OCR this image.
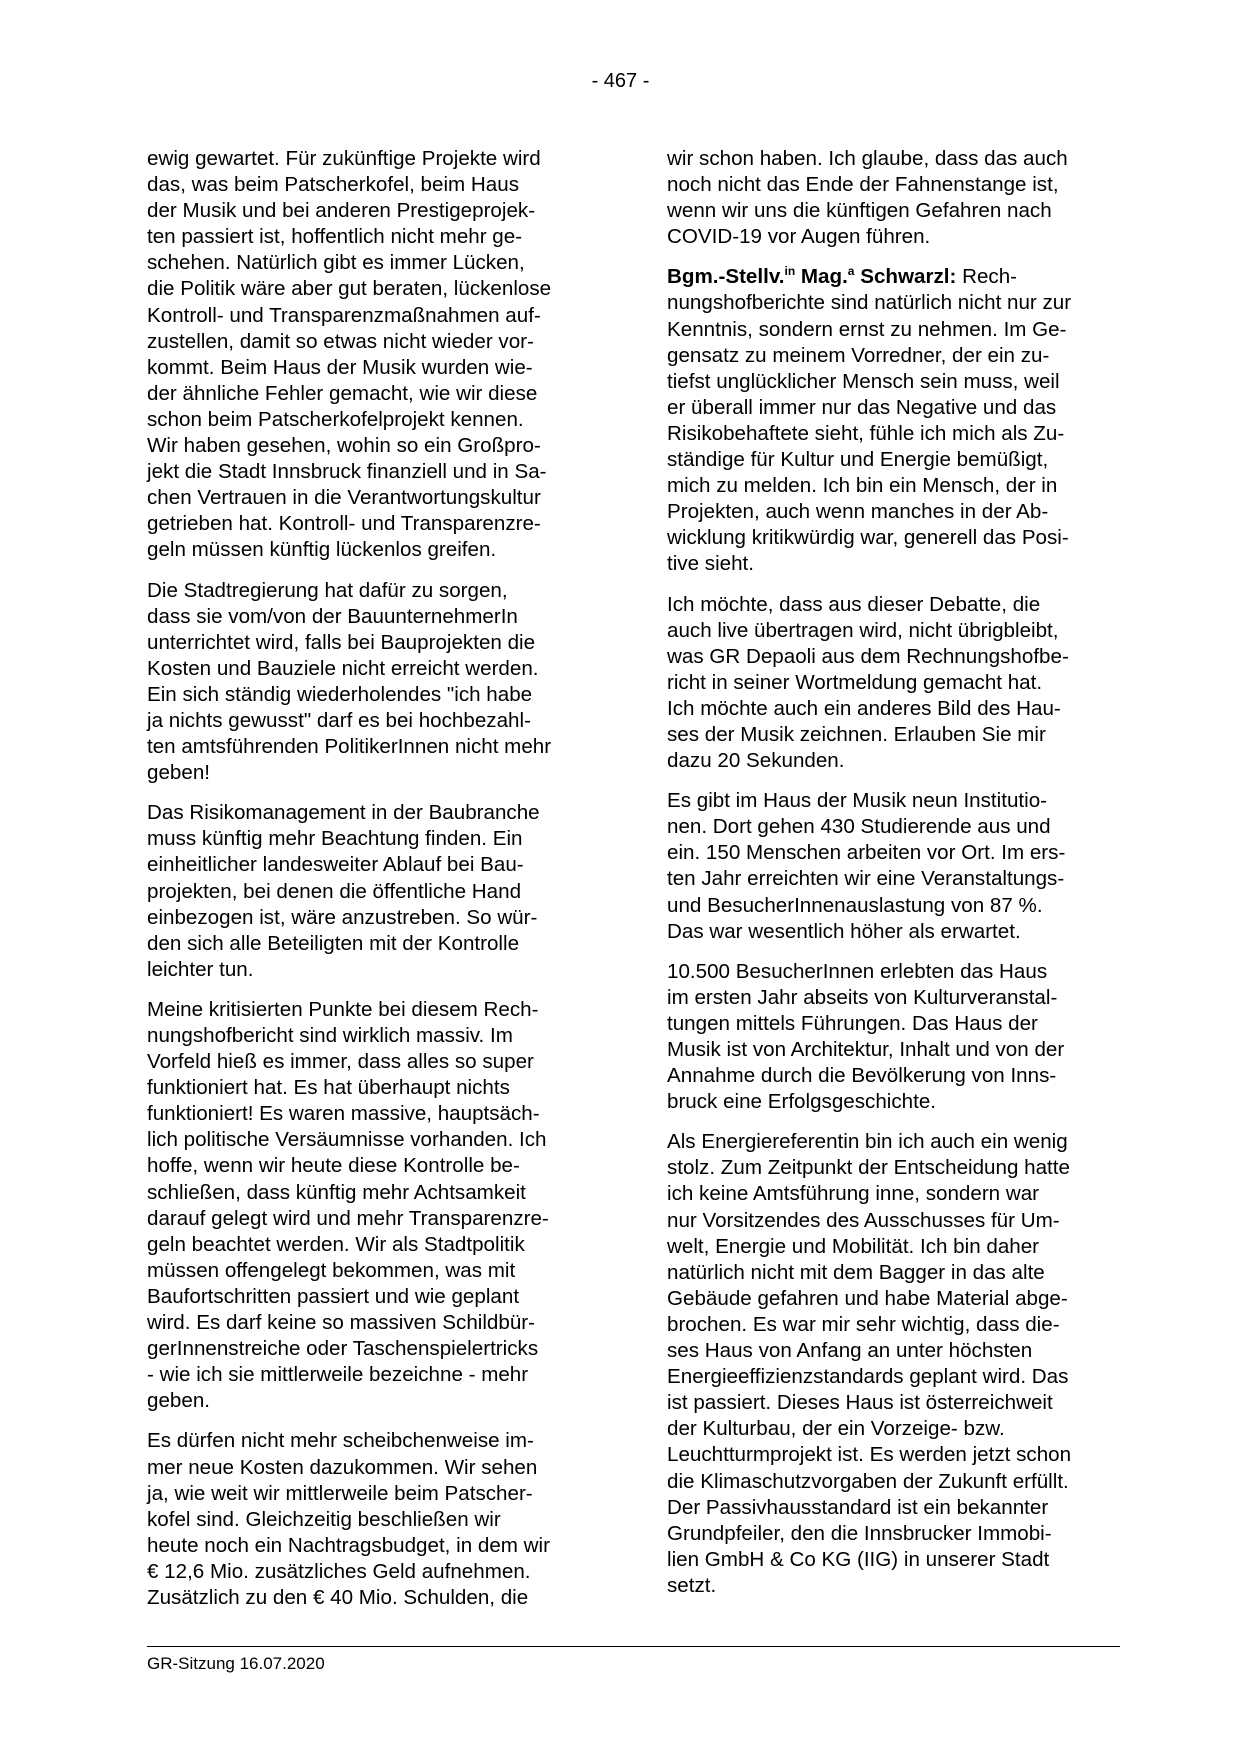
- 467 -

ewig gewartet. Für zukünftige Projekte wird
das, was beim Patscherkofel, beim Haus
der Musik und bei anderen Prestigeprojek-
ten passiert ist, hoffentlich nicht mehr ge-
schehen. Natürlich gibt es immer Lücken,
die Politik wäre aber gut beraten, lückenlose
Kontroll- und Transparenzmaßnahmen auf-
zustellen, damit so etwas nicht wieder vor-
kommt. Beim Haus der Musik wurden wie-
der ähnliche Fehler gemacht, wie wir diese
schon beim Patscherkofelprojekt kennen.
Wir haben gesehen, wohin so ein Großpro-
jekt die Stadt Innsbruck finanziell und in Sa-
chen Vertrauen in die Verantwortungskultur
getrieben hat. Kontroll- und Transparenzre-
geln müssen künftig lückenlos greifen.

Die Stadtregierung hat dafür zu sorgen,
dass sie vom/von der BauunternehmerIn
unterrichtet wird, falls bei Bauprojekten die
Kosten und Bauziele nicht erreicht werden.
Ein sich ständig wiederholendes "ich habe
ja nichts gewusst" darf es bei hochbezahl-
ten amtsführenden PolitikerInnen nicht mehr
geben!

Das Risikomanagement in der Baubranche
muss künftig mehr Beachtung finden. Ein
einheitlicher landesweiter Ablauf bei Bau-
projekten, bei denen die öffentliche Hand
einbezogen ist, wäre anzustreben. So wür-
den sich alle Beteiligten mit der Kontrolle
leichter tun.

Meine kritisierten Punkte bei diesem Rech-
nungshofbericht sind wirklich massiv. Im
Vorfeld hieß es immer, dass alles so super
funktioniert hat. Es hat überhaupt nichts
funktioniert! Es waren massive, hauptsäch-
lich politische Versäumnisse vorhanden. Ich
hoffe, wenn wir heute diese Kontrolle be-
schließen, dass künftig mehr Achtsamkeit
darauf gelegt wird und mehr Transparenzre-
geln beachtet werden. Wir als Stadtpolitik
müssen offengelegt bekommen, was mit
Baufortschritten passiert und wie geplant
wird. Es darf keine so massiven Schildbür-
gerInnenstreiche oder Taschenspielertricks
- wie ich sie mittlerweile bezeichne - mehr
geben.

Es dürfen nicht mehr scheibchenweise im-
mer neue Kosten dazukommen. Wir sehen
ja, wie weit wir mittlerweile beim Patscher-
kofel sind. Gleichzeitig beschließen wir
heute noch ein Nachtragsbudget, in dem wir
€ 12,6 Mio. zusätzliches Geld aufnehmen.
Zusätzlich zu den € 40 Mio. Schulden, die

wir schon haben. Ich glaube, dass das auch
noch nicht das Ende der Fahnenstange ist,
wenn wir uns die künftigen Gefahren nach
COVID-19 vor Augen führen.

Bgm.-Stellv.$^{in}$ Mag.$^a$ Schwarzl: Rech-
nungshofberichte sind natürlich nicht nur zur
Kenntnis, sondern ernst zu nehmen. Im Ge-
gensatz zu meinem Vorredner, der ein zu-
tiefst unglücklicher Mensch sein muss, weil
er überall immer nur das Negative und das
Risikobehaftete sieht, fühle ich mich als Zu-
ständige für Kultur und Energie bemüßigt,
mich zu melden. Ich bin ein Mensch, der in
Projekten, auch wenn manches in der Ab-
wicklung kritikwürdig war, generell das Posi-
tive sieht.

Ich möchte, dass aus dieser Debatte, die
auch live übertragen wird, nicht übrigbleibt,
was GR Depaoli aus dem Rechnungshofbe-
richt in seiner Wortmeldung gemacht hat.
Ich möchte auch ein anderes Bild des Hau-
ses der Musik zeichnen. Erlauben Sie mir
dazu 20 Sekunden.

Es gibt im Haus der Musik neun Institutio-
nen. Dort gehen 430 Studierende aus und
ein. 150 Menschen arbeiten vor Ort. Im ers-
ten Jahr erreichten wir eine Veranstaltungs-
und BesucherInnenauslastung von 87 %.
Das war wesentlich höher als erwartet.

10.500 BesucherInnen erlebten das Haus
im ersten Jahr abseits von Kulturveranstal-
tungen mittels Führungen. Das Haus der
Musik ist von Architektur, Inhalt und von der
Annahme durch die Bevölkerung von Inns-
bruck eine Erfolgsgeschichte.

Als Energiereferentin bin ich auch ein wenig
stolz. Zum Zeitpunkt der Entscheidung hatte
ich keine Amtsführung inne, sondern war
nur Vorsitzendes des Ausschusses für Um-
welt, Energie und Mobilität. Ich bin daher
natürlich nicht mit dem Bagger in das alte
Gebäude gefahren und habe Material abge-
brochen. Es war mir sehr wichtig, dass die-
ses Haus von Anfang an unter höchsten
Energieeffizienzstandards geplant wird. Das
ist passiert. Dieses Haus ist österreichweit
der Kulturbau, der ein Vorzeige- bzw.
Leuchtturmprojekt ist. Es werden jetzt schon
die Klimaschutzvorgaben der Zukunft erfüllt.
Der Passivhausstandard ist ein bekannter
Grundpfeiler, den die Innsbrucker Immobi-
lien GmbH & Co KG (IIG) in unserer Stadt
setzt.

GR-Sitzung 16.07.2020
